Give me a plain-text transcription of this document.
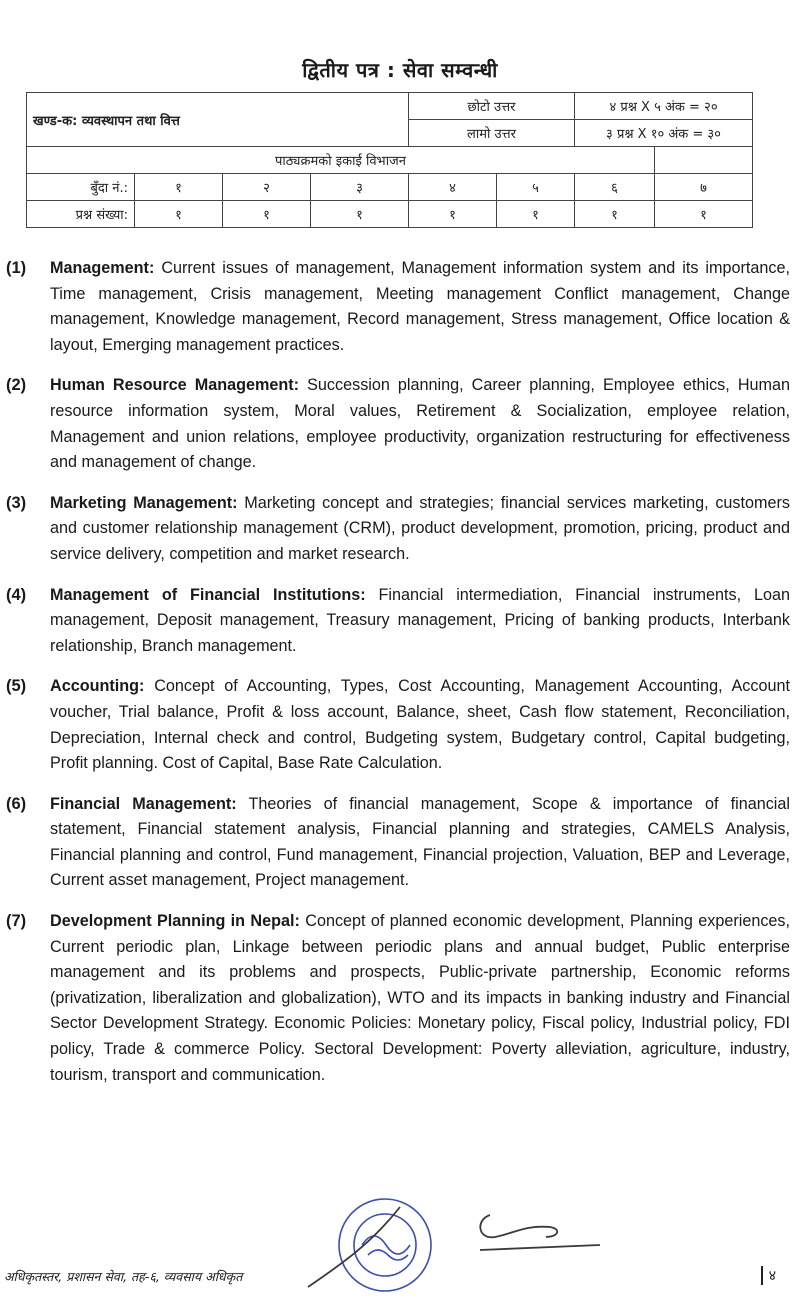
द्वितीय पत्र : सेवा सम्वन्धी
खण्ड-क: व्यवस्थापन तथा वित्त				छोटो उत्तर		४ प्रश्न X ५ अंक = २०	
				लामो उत्तर		३ प्रश्न X १० अंक = ३०	
पाठ्यक्रमको इकाई विभाजन							
बुँदा नं.:	१	२	३	४	५	६	७
प्रश्न संख्या:	१	१	१	१	१	१	१
(1) Management: Current issues of management, Management information system and its importance, Time management, Crisis management, Meeting management Conflict management, Change management, Knowledge management, Record management, Stress management, Office location & layout, Emerging management practices.
(2) Human Resource Management: Succession planning, Career planning, Employee ethics, Human resource information system, Moral values, Retirement & Socialization, employee relation, Management and union relations, employee productivity, organization restructuring for effectiveness and management of change.
(3) Marketing Management: Marketing concept and strategies; financial services marketing, customers and customer relationship management (CRM), product development, promotion, pricing, product and service delivery, competition and market research.
(4) Management of Financial Institutions: Financial intermediation, Financial instruments, Loan management, Deposit management, Treasury management, Pricing of banking products, Interbank relationship, Branch management.
(5) Accounting: Concept of Accounting, Types, Cost Accounting, Management Accounting, Account voucher, Trial balance, Profit & loss account, Balance, sheet, Cash flow statement, Reconciliation, Depreciation, Internal check and control, Budgeting system, Budgetary control, Capital budgeting, Profit planning. Cost of Capital, Base Rate Calculation.
(6) Financial Management: Theories of financial management, Scope & importance of financial statement, Financial statement analysis, Financial planning and strategies, CAMELS Analysis, Financial planning and control, Fund management, Financial projection, Valuation, BEP and Leverage, Current asset management, Project management.
(7) Development Planning in Nepal: Concept of planned economic development, Planning experiences, Current periodic plan, Linkage between periodic plans and annual budget, Public enterprise management and its problems and prospects, Public-private partnership, Economic reforms (privatization, liberalization and globalization), WTO and its impacts in banking industry and Financial Sector Development Strategy. Economic Policies: Monetary policy, Fiscal policy, Industrial policy, FDI policy, Trade & commerce Policy. Sectoral Development: Poverty alleviation, agriculture, industry, tourism, transport and communication.
अधिकृतस्तर, प्रशासन सेवा, तह-६, व्यवसाय अधिकृत	४
